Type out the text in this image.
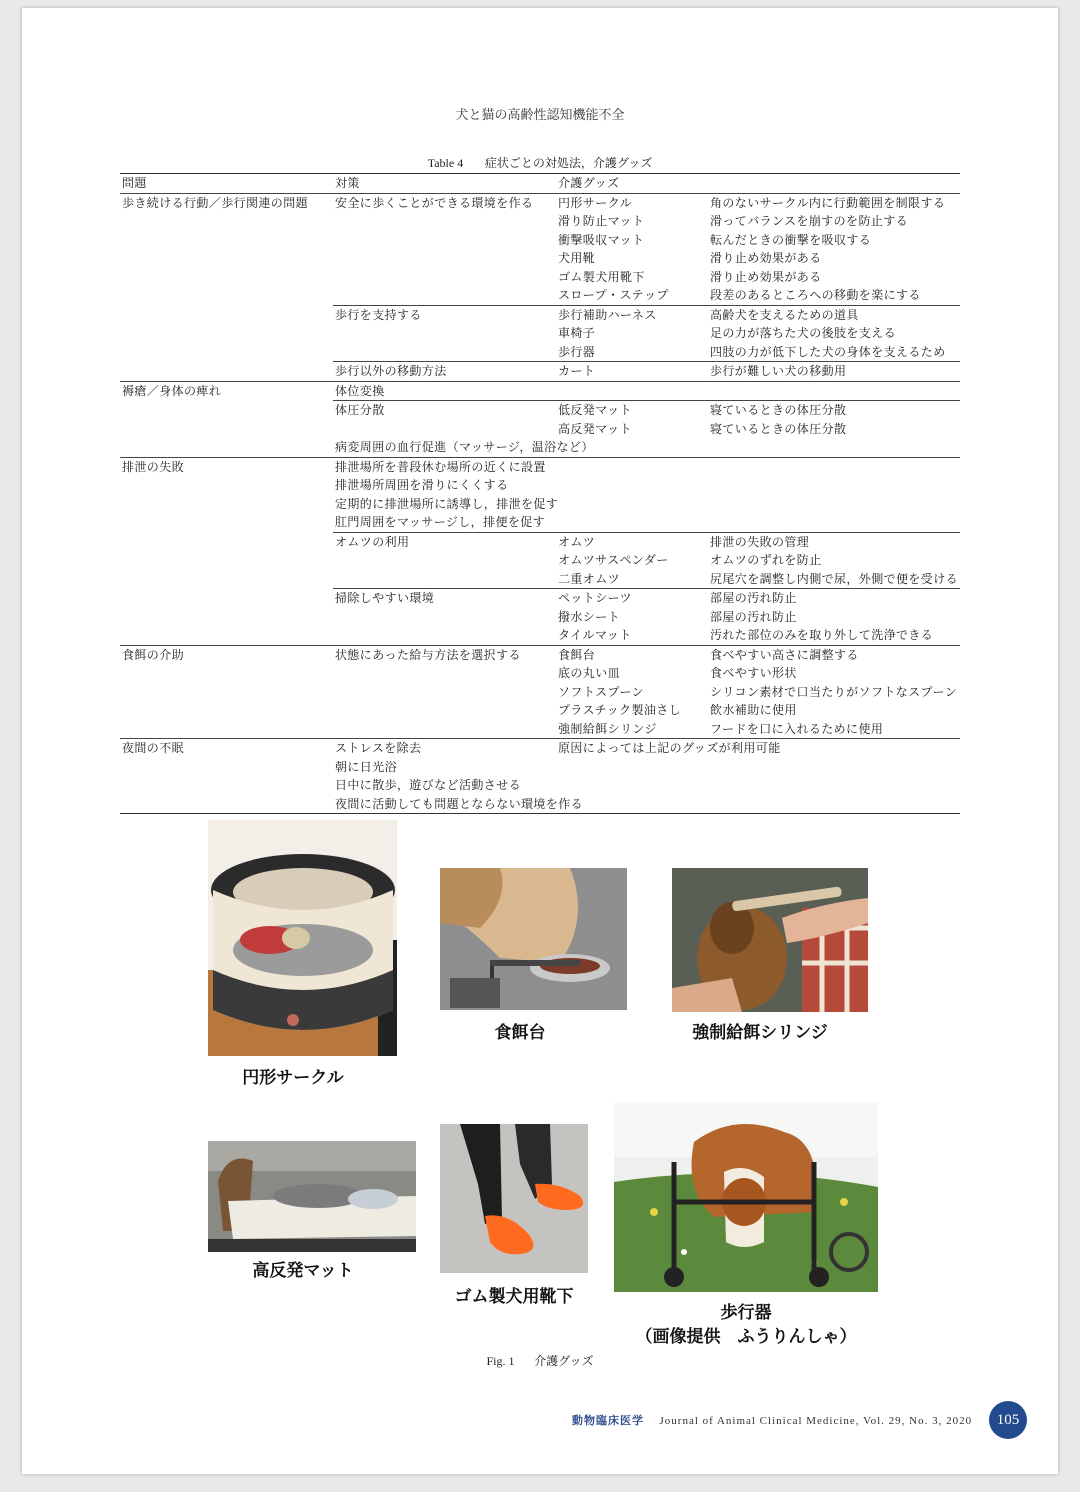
犬と猫の高齢性認知機能不全
Table 4 症状ごとの対処法，介護グッズ
問題	対策	介護グッズ	
歩き続ける行動／歩行関連の問題	安全に歩くことができる環境を作る	円形サークル	角のないサークル内に行動範囲を制限する
		滑り防止マット	滑ってバランスを崩すのを防止する
		衝撃吸収マット	転んだときの衝撃を吸収する
		犬用靴	滑り止め効果がある
		ゴム製犬用靴下	滑り止め効果がある
		スロープ・ステップ	段差のあるところへの移動を楽にする
	歩行を支持する	歩行補助ハーネス	高齢犬を支えるための道具
		車椅子	足の力が落ちた犬の後肢を支える
		歩行器	四肢の力が低下した犬の身体を支えるため
	歩行以外の移動方法	カート	歩行が難しい犬の移動用
褥瘡／身体の痺れ	体位変換		
	体圧分散	低反発マット	寝ているときの体圧分散
		高反発マット	寝ているときの体圧分散
	病変周囲の血行促進（マッサージ，温浴など）		
排泄の失敗	排泄場所を普段休む場所の近くに設置		
	排泄場所周囲を滑りにくくする		
	定期的に排泄場所に誘導し，排泄を促す		
	肛門周囲をマッサージし，排便を促す		
	オムツの利用	オムツ	排泄の失敗の管理
		オムツサスペンダー	オムツのずれを防止
		二重オムツ	尻尾穴を調整し内側で尿，外側で便を受ける
	掃除しやすい環境	ペットシーツ	部屋の汚れ防止
		撥水シート	部屋の汚れ防止
		タイルマット	汚れた部位のみを取り外して洗浄できる
食餌の介助	状態にあった給与方法を選択する	食餌台	食べやすい高さに調整する
		底の丸い皿	食べやすい形状
		ソフトスプーン	シリコン素材で口当たりがソフトなスプーン
		プラスチック製油さし	飲水補助に使用
		強制給餌シリンジ	フードを口に入れるために使用
夜間の不眠	ストレスを除去	原因によっては上記のグッズが利用可能	
	朝に日光浴		
	日中に散歩，遊びなど活動させる		
	夜間に活動しても問題とならない環境を作る		
円形サークル
食餌台	強制給餌シリンジ
高反発マット
ゴム製犬用靴下
歩行器
（画像提供　ふうりんしゃ）
Fig. 1 介護グッズ
動物臨床医学 Journal of Animal Clinical Medicine, Vol. 29, No. 3, 2020	105
